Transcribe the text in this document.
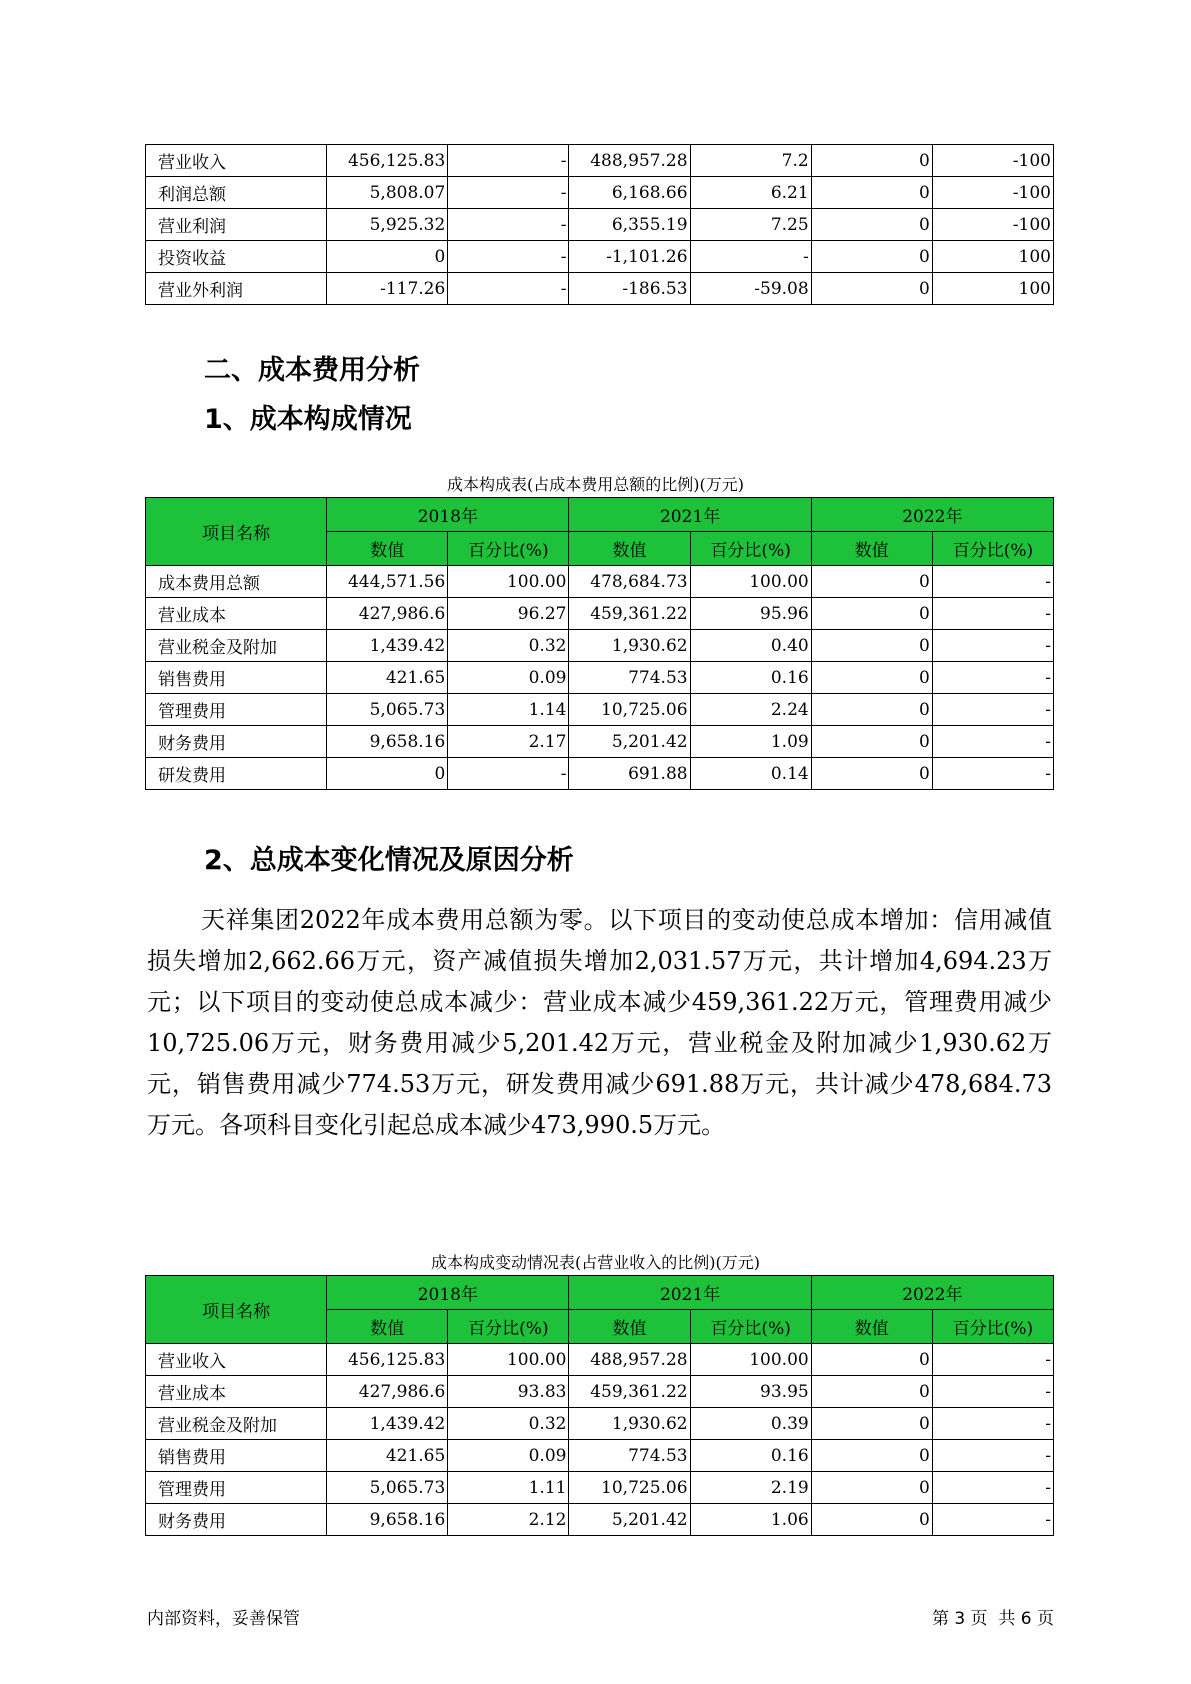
营业收入	456,125.83	-	488,957.28	7.2	0	-100
利润总额	5,808.07	-	6,168.66	6.21	0	-100
营业利润	5,925.32	-	6,355.19	7.25	0	-100
投资收益	0	-	-1,101.26	-	0	100
营业外利润	-117.26	-	-186.53	-59.08	0	100
二、成本费用分析
1、成本构成情况
成本构成表(占成本费用总额的比例)(万元)
项目名称	2018年		2021年		2022年	
	数值	百分比(%)	数值	百分比(%)	数值	百分比(%)
成本费用总额	444,571.56	100.00	478,684.73	100.00	0	-
营业成本	427,986.6	96.27	459,361.22	95.96	0	-
营业税金及附加	1,439.42	0.32	1,930.62	0.40	0	-
销售费用	421.65	0.09	774.53	0.16	0	-
管理费用	5,065.73	1.14	10,725.06	2.24	0	-
财务费用	9,658.16	2.17	5,201.42	1.09	0	-
研发费用	0	-	691.88	0.14	0	-
2、总成本变化情况及原因分析

天祥集团2022年成本费用总额为零。以下项目的变动使总成本增加：信用减值损失增加2,662.66万元，资产减值损失增加2,031.57万元，共计增加4,694.23万元；以下项目的变动使总成本减少：营业成本减少459,361.22万元，管理费用减少10,725.06万元，财务费用减少5,201.42万元，营业税金及附加减少1,930.62万元，销售费用减少774.53万元，研发费用减少691.88万元，共计减少478,684.73万元。各项科目变化引起总成本减少473,990.5万元。

成本构成变动情况表(占营业收入的比例)(万元)
项目名称	2018年		2021年		2022年	
	数值	百分比(%)	数值	百分比(%)	数值	百分比(%)
营业收入	456,125.83	100.00	488,957.28	100.00	0	-
营业成本	427,986.6	93.83	459,361.22	93.95	0	-
营业税金及附加	1,439.42	0.32	1,930.62	0.39	0	-
销售费用	421.65	0.09	774.53	0.16	0	-
管理费用	5,065.73	1.11	10,725.06	2.19	0	-
财务费用	9,658.16	2.12	5,201.42	1.06	0	-
内部资料，妥善保管	第 3 页  共 6 页
